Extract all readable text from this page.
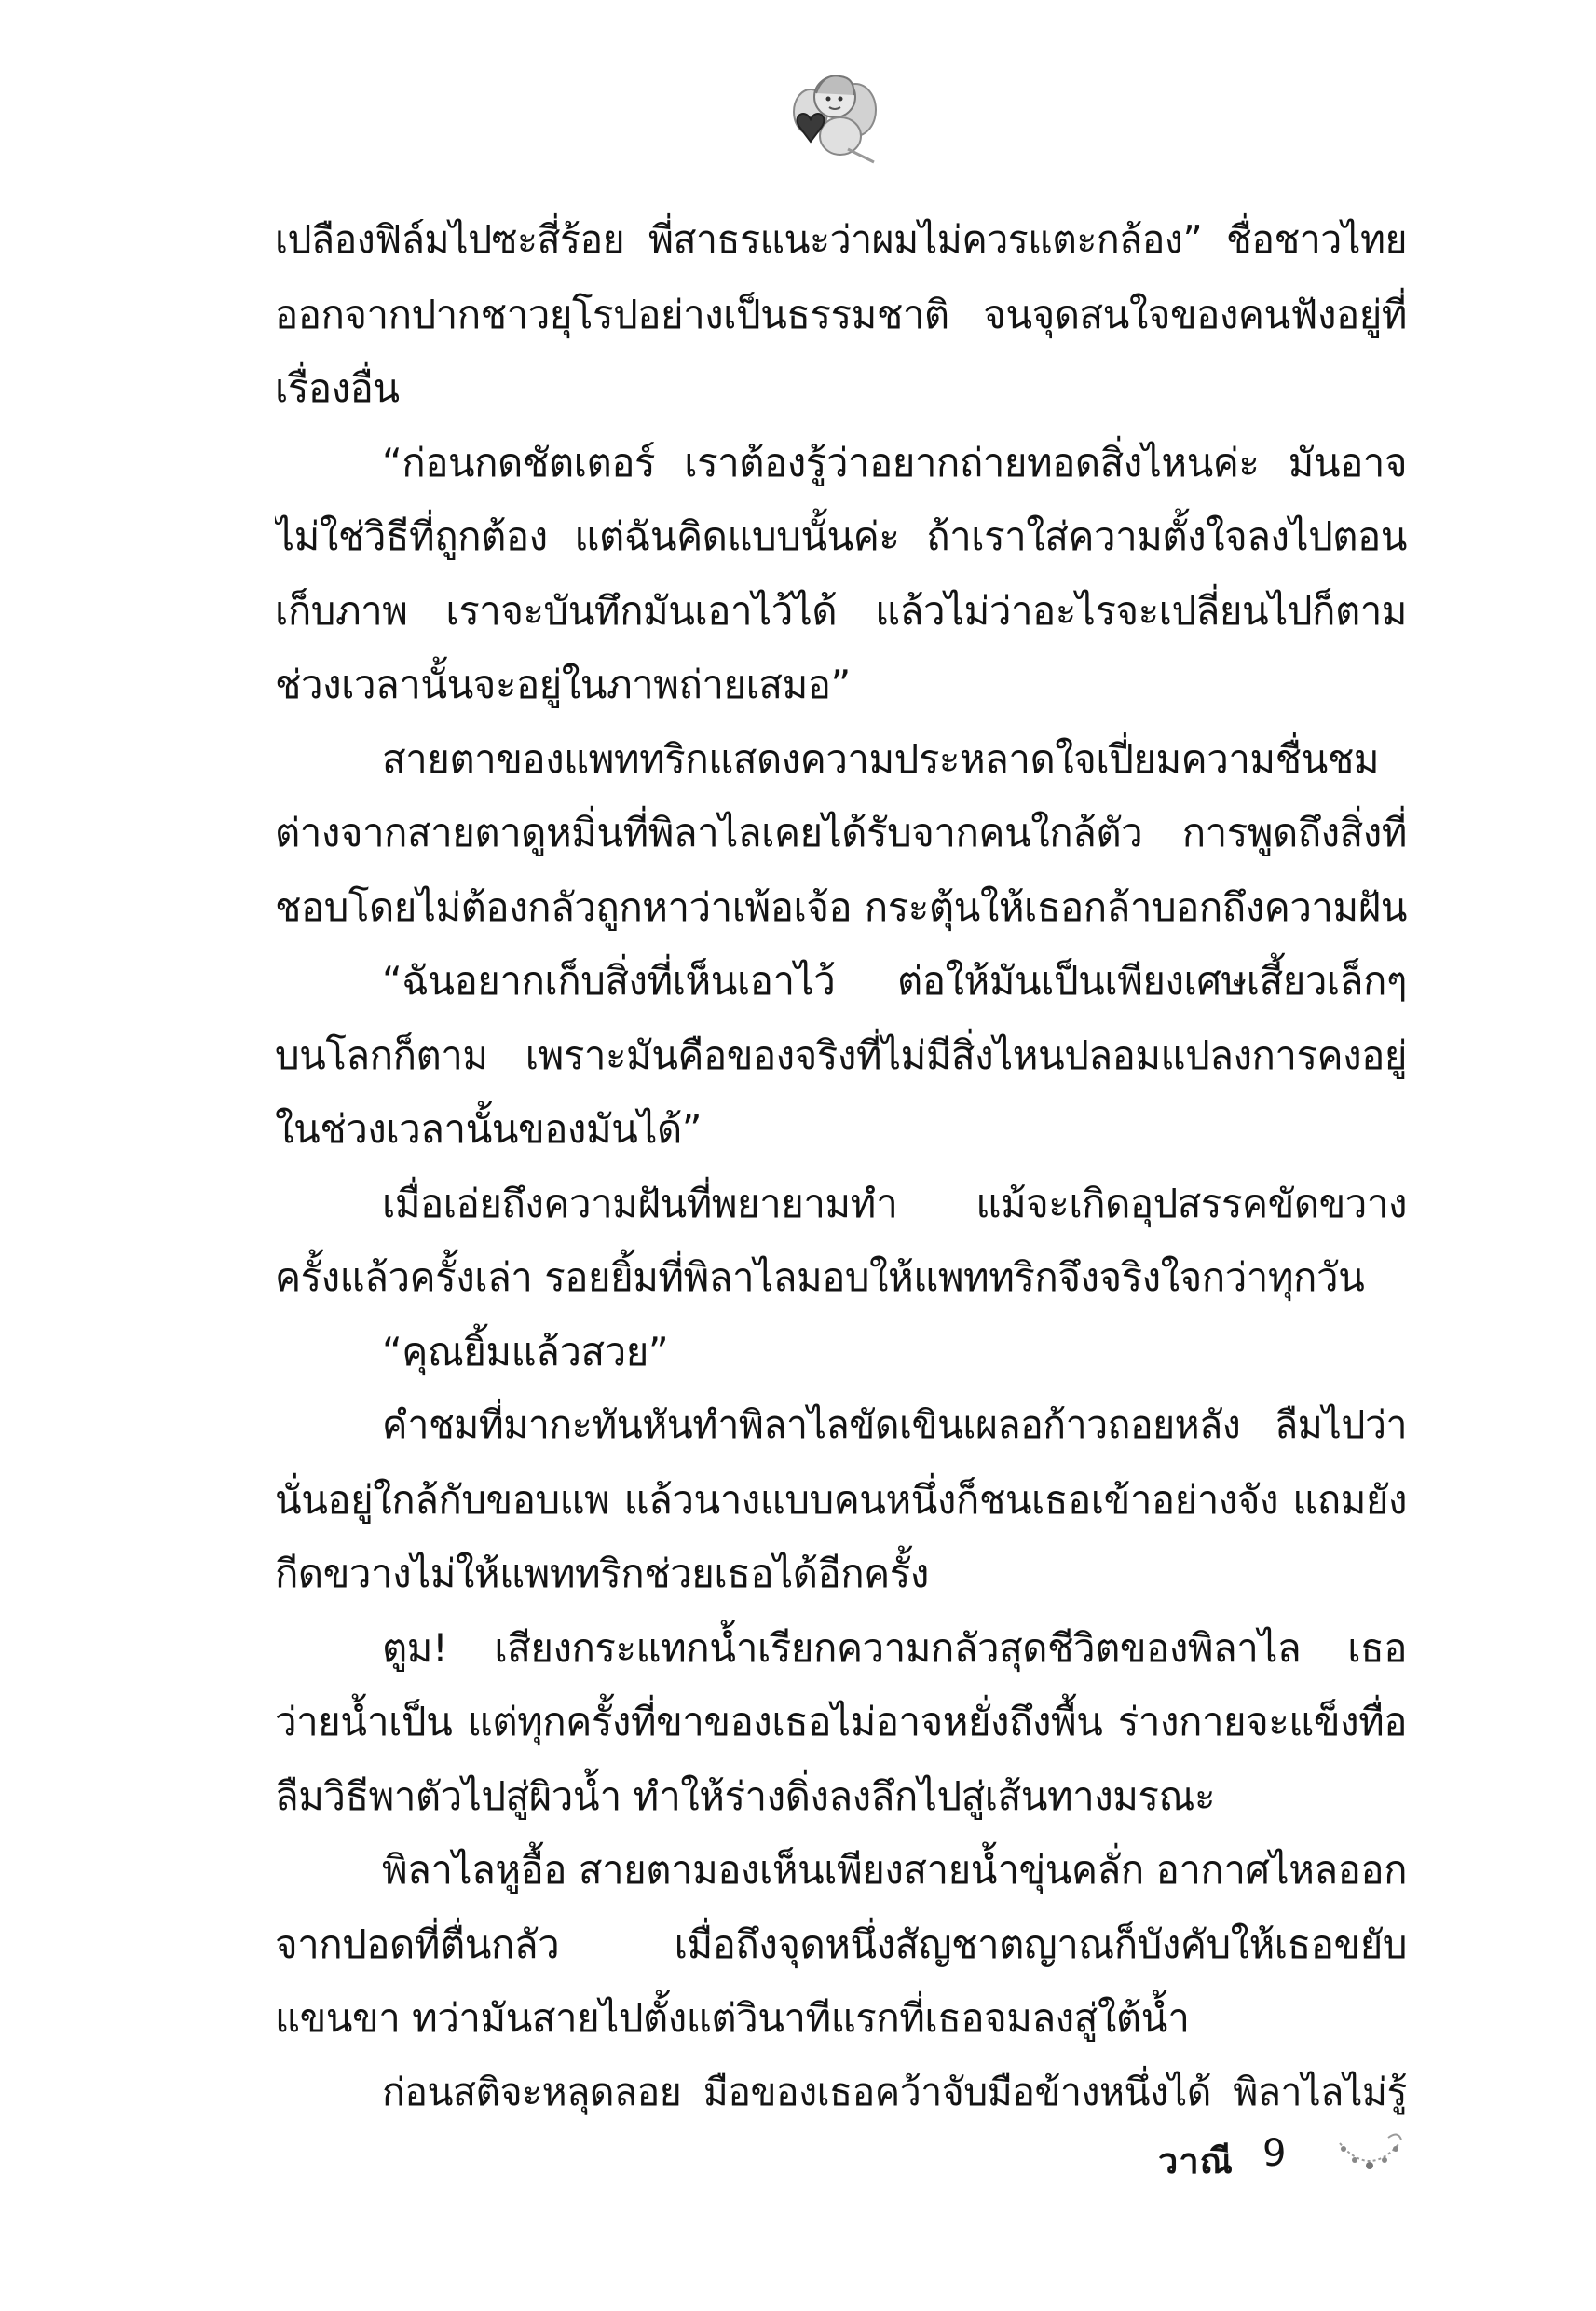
เปลืองฟิล์มไปซะสี่ร้อย พี่สาธรแนะว่าผมไม่ควรแตะกล้อง” ชื่อชาวไทย
ออกจากปากชาวยุโรปอย่างเป็นธรรมชาติ จนจุดสนใจของคนฟังอยู่ที่
เรื่องอื่น
“ก่อนกดชัตเตอร์ เราต้องรู้ว่าอยากถ่ายทอดสิ่งไหนค่ะ มันอาจ
ไม่ใช่วิธีที่ถูกต้อง แต่ฉันคิดแบบนั้นค่ะ ถ้าเราใส่ความตั้งใจลงไปตอน
เก็บภาพ เราจะบันทึกมันเอาไว้ได้ แล้วไม่ว่าอะไรจะเปลี่ยนไปก็ตาม
ช่วงเวลานั้นจะอยู่ในภาพถ่ายเสมอ”
สายตาของแพททริกแสดงความประหลาดใจเปี่ยมความชื่นชม
ต่างจากสายตาดูหมิ่นที่พิลาไลเคยได้รับจากคนใกล้ตัว การพูดถึงสิ่งที่
ชอบโดยไม่ต้องกลัวถูกหาว่าเพ้อเจ้อ กระตุ้นให้เธอกล้าบอกถึงความฝัน
“ฉันอยากเก็บสิ่งที่เห็นเอาไว้ ต่อให้มันเป็นเพียงเศษเสี้ยวเล็กๆ
บนโลกก็ตาม เพราะมันคือของจริงที่ไม่มีสิ่งไหนปลอมแปลงการคงอยู่
ในช่วงเวลานั้นของมันได้”
เมื่อเอ่ยถึงความฝันที่พยายามทำ แม้จะเกิดอุปสรรคขัดขวาง
ครั้งแล้วครั้งเล่า รอยยิ้มที่พิลาไลมอบให้แพททริกจึงจริงใจกว่าทุกวัน
“คุณยิ้มแล้วสวย”
คำชมที่มากะทันหันทำพิลาไลขัดเขินเผลอก้าวถอยหลัง ลืมไปว่า
นั่นอยู่ใกล้กับขอบแพ แล้วนางแบบคนหนึ่งก็ชนเธอเข้าอย่างจัง แถมยัง
กีดขวางไม่ให้แพททริกช่วยเธอได้อีกครั้ง
ตูม! เสียงกระแทกน้ำเรียกความกลัวสุดชีวิตของพิลาไล เธอ
ว่ายน้ำเป็น แต่ทุกครั้งที่ขาของเธอไม่อาจหยั่งถึงพื้น ร่างกายจะแข็งทื่อ
ลืมวิธีพาตัวไปสู่ผิวน้ำ ทำให้ร่างดิ่งลงลึกไปสู่เส้นทางมรณะ
พิลาไลหูอื้อ สายตามองเห็นเพียงสายน้ำขุ่นคลั่ก อากาศไหลออก
จากปอดที่ตื่นกลัว เมื่อถึงจุดหนึ่งสัญชาตญาณก็บังคับให้เธอขยับ
แขนขา ทว่ามันสายไปตั้งแต่วินาทีแรกที่เธอจมลงสู่ใต้น้ำ
ก่อนสติจะหลุดลอย มือของเธอคว้าจับมือข้างหนึ่งได้ พิลาไลไม่รู้
วาณี 9
